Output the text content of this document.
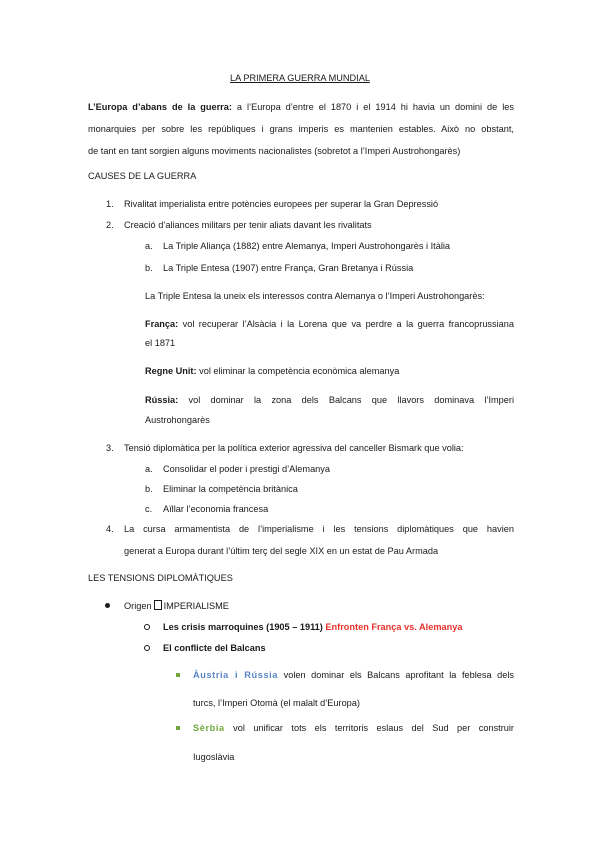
LA PRIMERA GUERRA MUNDIAL
L’Europa d’abans de la guerra: a l’Europa d’entre el 1870 i el 1914 hi havia un domini de les
monarquies per sobre les repúbliques i grans imperis es mantenien estables. Això no obstant,
de tant en tant sorgien alguns moviments nacionalistes (sobretot a l’Imperi Austrohongarès)
CAUSES DE LA GUERRA
1. Rivalitat imperialista entre potències europees per superar la Gran Depressió
2. Creació d’aliances militars per tenir aliats davant les rivalitats
a. La Triple Aliança (1882) entre Alemanya, Imperi Austrohongarès i Itàlia
b. La Triple Entesa (1907) entre França, Gran Bretanya i Rússia
La Triple Entesa la uneix els interessos contra Alemanya o l’Imperi Austrohongarès:
França: vol recuperar l’Alsàcia i la Lorena que va perdre a la guerra francoprussiana
el 1871
Regne Unit: vol eliminar la competència econòmica alemanya
Rússia: vol dominar la zona dels Balcans que llavors dominava l’Imperi
Austrohongarès
3. Tensió diplomàtica per la política exterior agressiva del canceller Bismark que volia:
a. Consolidar el poder i prestigi d’Alemanya
b. Eliminar la competència britànica
c. Aïllar l’economia francesa
4. La cursa armamentista de l’imperialisme i les tensions diplomàtiques que havien
generat a Europa durant l’últim terç del segle XIX en un estat de Pau Armada
LES TENSIONS DIPLOMÀTIQUES
Origen IMPERIALISME
Les crisis marroquines (1905 – 1911) Enfronten França vs. Alemanya
El conflicte del Balcans
Àustria i Rússia volen dominar els Balcans aprofitant la feblesa dels
turcs, l’Imperi Otomà (el malalt d’Europa)
Sèrbia vol unificar tots els territoris eslaus del Sud per construir
Iugoslàvia
